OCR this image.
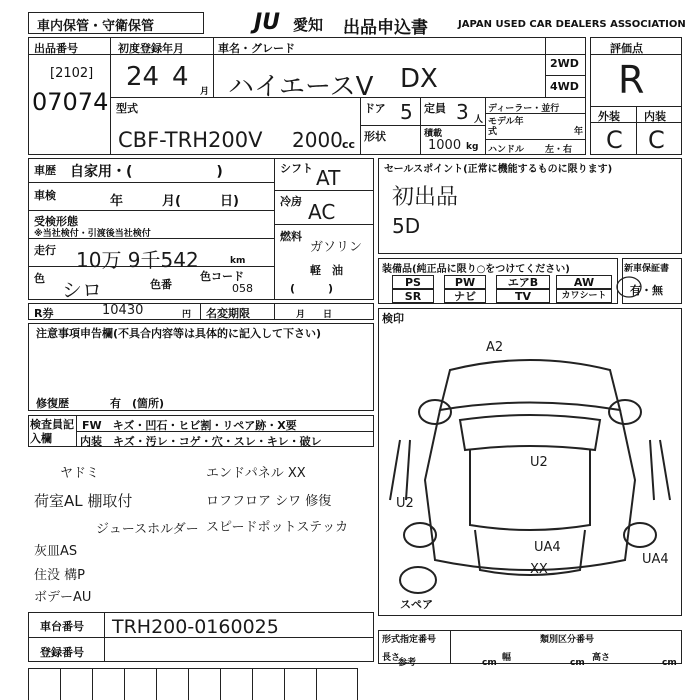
車内保管・守衛保管	JU 愛知 出品申込書	JAPAN USED CAR DEALERS ASSOCIATION
出品番号
[2102]
07074
初度登録年月
24 4 月
車名・グレード
ハイエースV DX
2WD
4WD
型式
CBF-TRH200V 2000 cc
ドア 5
形状
定員 3 人
積載
1000 kg
ディーラー・並行
モデル年式	年
ハンドル 左・右
評価点
R
外装 内装
C C
車歴 自家用・(　　　　　　)
車検	年　　　月(　　　日)
受検形態
※当社検付・引渡後当社検付
走行 10万 9千542	km
色 シロ	色番
色コード
058
シフト AT
冷房 AC
燃料
ガソリン
軽　油
(　　　)
R券	10430	円 名変期限	月　　日
注意事項申告欄(不具合内容等は具体的に記入して下さい)
修復歴	有　(箇所)
セールスポイント(正常に機能するものに限ります)
初出品
5D
装備品(純正品に限り○をつけてください)
PS	PW	エアB	AW
SR	ナビ	TV	カワシート
新車保証書
有・無
検査員記入欄
FW　キズ・凹石・ヒビ割・リペア跡・X要
内装　キズ・汚レ・コゲ・穴・スレ・キレ・破レ
ヤドミ
荷室AL 棚取付
ジュースホルダー
灰皿AS
住没 構P
ボデーAU
エンドパネル XX
ロフフロア シワ 修復
スピードポットステッカ
検印
A2
U2
U2
UA4
XX
UA4
スペア
車台番号 TRH200-0160025
登録番号
形式指定番号	類別区分番号
長さ
参考	cm 幅	cm 高さ	cm
